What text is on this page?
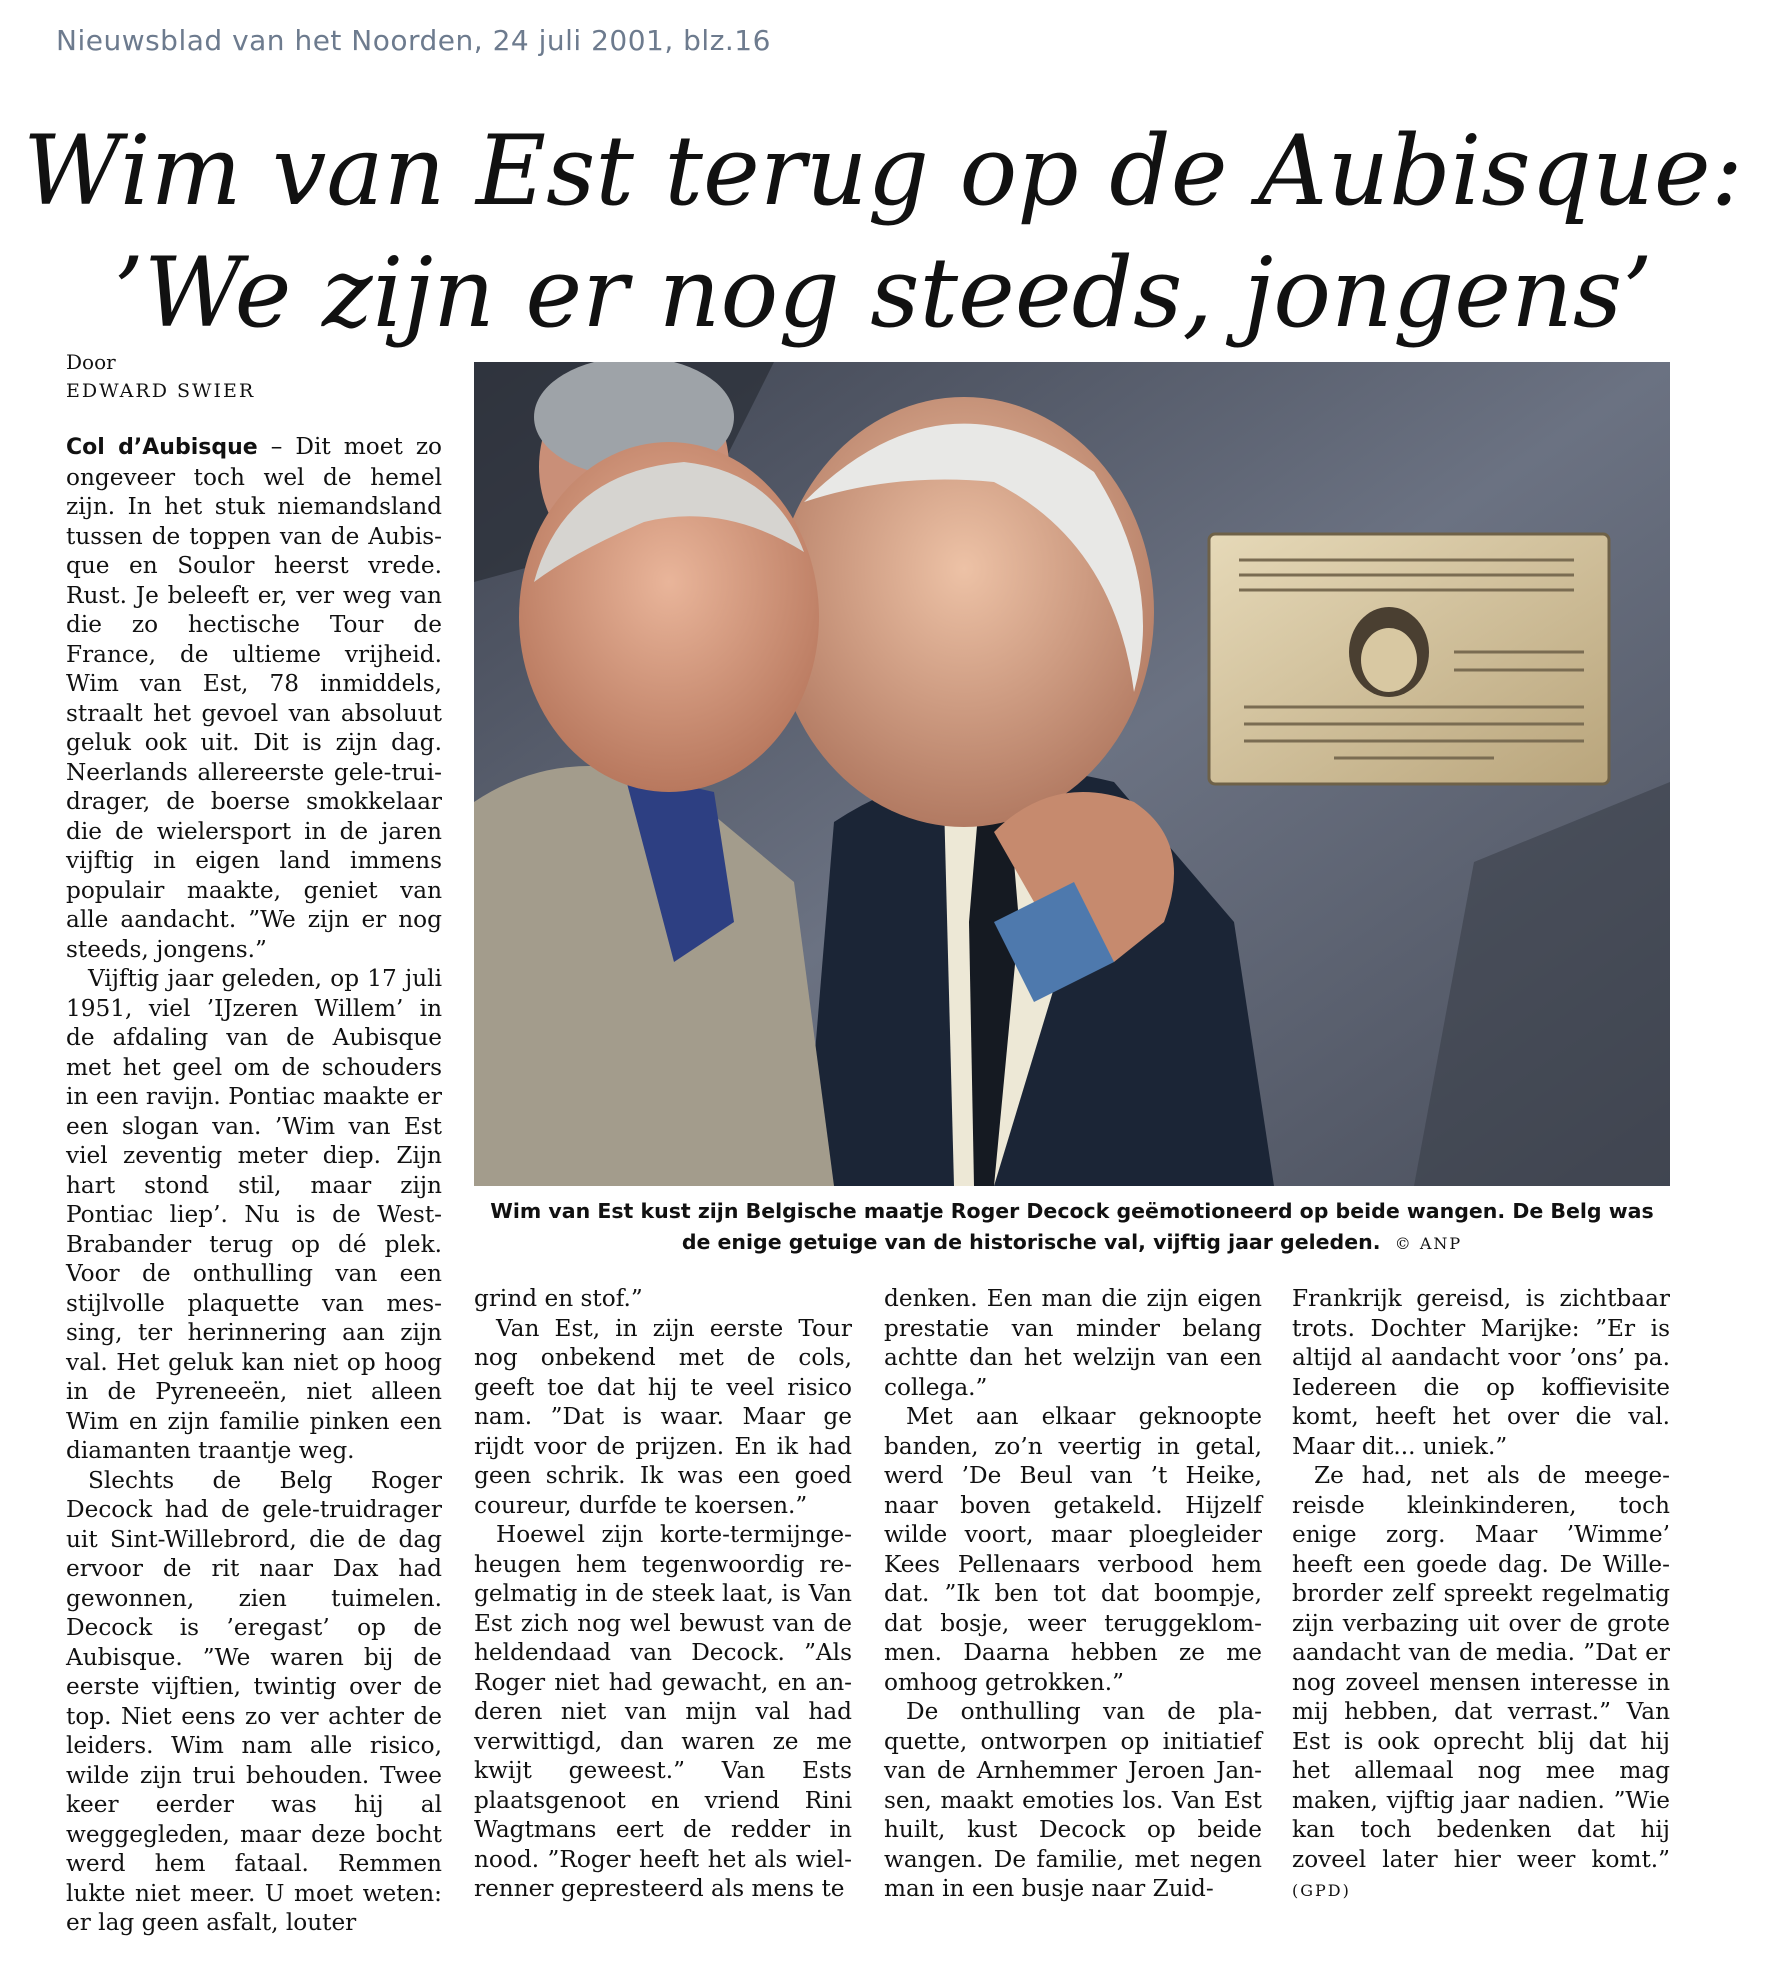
Nieuwsblad van het Noorden, 24 juli 2001, blz.16
Wim van Est terug op de Aubisque:
’We zijn er nog steeds, jongens’
Door
EDWARD SWIER

Col d’Aubisque – Dit moet zo ongeveer toch wel de hemel zijn. In het stuk niemandsland tussen de toppen van de Aubisque en Soulor heerst vrede. Rust. Je beleeft er, ver weg van die zo hectische Tour de France, de ultieme vrijheid. Wim van Est, 78 inmiddels, straalt het gevoel van absoluut geluk ook uit. Dit is zijn dag. Neerlands allereerste gele-truidrager, de boerse smokkelaar die de wielersport in de jaren vijftig in eigen land immens populair maakte, geniet van alle aandacht. ”We zijn er nog steeds, jongens.”

Vijftig jaar geleden, op 17 juli 1951, viel ’IJzeren Willem’ in de afdaling van de Aubisque met het geel om de schouders in een ravijn. Pontiac maakte er een slogan van. ’Wim van Est viel zeventig meter diep. Zijn hart stond stil, maar zijn Pontiac liep’. Nu is de West-Brabander terug op dé plek. Voor de onthulling van een stijlvolle plaquette van messing, ter herinnering aan zijn val. Het geluk kan niet op hoog in de Pyreneeën, niet alleen Wim en zijn familie pinken een diamanten traantje weg.

Slechts de Belg Roger Decock had de gele-truidrager uit Sint-Willebrord, die de dag ervoor de rit naar Dax had gewonnen, zien tuimelen. Decock is ’eregast’ op de Aubisque. ”We waren bij de eerste vijftien, twintig over de top. Niet eens zo ver achter de leiders. Wim nam alle risico, wilde zijn trui behouden. Twee keer eerder was hij al weggegleden, maar deze bocht werd hem fataal. Remmen lukte niet meer. U moet weten: er lag geen asfalt, louter

Wim van Est kust zijn Belgische maatje Roger Decock geëmotioneerd op beide wangen. De Belg was de enige getuige van de historische val, vijftig jaar geleden. © ANP

grind en stof.”

Van Est, in zijn eerste Tour nog onbekend met de cols, geeft toe dat hij te veel risico nam. ”Dat is waar. Maar ge rijdt voor de prijzen. En ik had geen schrik. Ik was een goed coureur, durfde te koersen.”

Hoewel zijn korte-termijngeheugen hem tegenwoordig regelmatig in de steek laat, is Van Est zich nog wel bewust van de heldendaad van Decock. ”Als Roger niet had gewacht, en anderen niet van mijn val had verwittigd, dan waren ze me kwijt geweest.” Van Ests plaatsgenoot en vriend Rini Wagtmans eert de redder in nood. ”Roger heeft het als wielrenner gepresteerd als mens te

denken. Een man die zijn eigen prestatie van minder belang achtte dan het welzijn van een collega.”

Met aan elkaar geknoopte banden, zo’n veertig in getal, werd ’De Beul van ’t Heike, naar boven getakeld. Hijzelf wilde voort, maar ploegleider Kees Pellenaars verbood hem dat. ”Ik ben tot dat boompje, dat bosje, weer teruggeklommen. Daarna hebben ze me omhoog getrokken.”

De onthulling van de plaquette, ontworpen op initiatief van de Arnhemmer Jeroen Jansen, maakt emoties los. Van Est huilt, kust Decock op beide wangen. De familie, met negen man in een busje naar Zuid-

Frankrijk gereisd, is zichtbaar trots. Dochter Marijke: ”Er is altijd al aandacht voor ’ons’ pa. Iedereen die op koffievisite komt, heeft het over die val. Maar dit... uniek.”

Ze had, net als de meegereisde kleinkinderen, toch enige zorg. Maar ’Wimme’ heeft een goede dag. De Willebrorder zelf spreekt regelmatig zijn verbazing uit over de grote aandacht van de media. ”Dat er nog zoveel mensen interesse in mij hebben, dat verrast.” Van Est is ook oprecht blij dat hij het allemaal nog mee mag maken, vijftig jaar nadien. ”Wie kan toch bedenken dat hij zoveel later hier weer komt.” (GPD)
